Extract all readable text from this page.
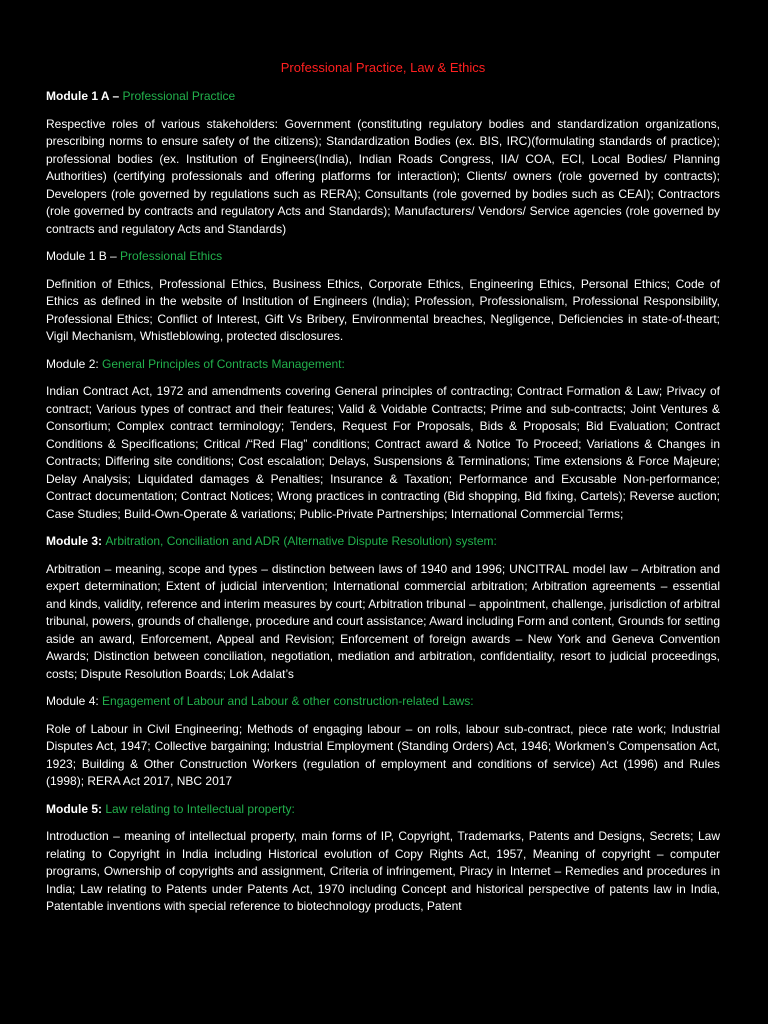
Professional Practice, Law & Ethics
Module 1 A – Professional Practice
Respective roles of various stakeholders: Government (constituting regulatory bodies and standardization organizations, prescribing norms to ensure safety of the citizens); Standardization Bodies (ex. BIS, IRC)(formulating standards of practice); professional bodies (ex. Institution of Engineers(India), Indian Roads Congress, IIA/ COA, ECI, Local Bodies/ Planning Authorities) (certifying professionals and offering platforms for interaction); Clients/ owners (role governed by contracts); Developers (role governed by regulations such as RERA); Consultants (role governed by bodies such as CEAI); Contractors (role governed by contracts and regulatory Acts and Standards); Manufacturers/ Vendors/ Service agencies (role governed by contracts and regulatory Acts and Standards)
Module 1 B – Professional Ethics
Definition of Ethics, Professional Ethics, Business Ethics, Corporate Ethics, Engineering Ethics, Personal Ethics; Code of Ethics as defined in the website of Institution of Engineers (India); Profession, Professionalism, Professional Responsibility, Professional Ethics; Conflict of Interest, Gift Vs Bribery, Environmental breaches, Negligence, Deficiencies in state-of-theart; Vigil Mechanism, Whistleblowing, protected disclosures.
Module 2: General Principles of Contracts Management:
Indian Contract Act, 1972 and amendments covering General principles of contracting; Contract Formation & Law; Privacy of contract; Various types of contract and their features; Valid & Voidable Contracts; Prime and sub-contracts; Joint Ventures & Consortium; Complex contract terminology; Tenders, Request For Proposals, Bids & Proposals; Bid Evaluation; Contract Conditions & Specifications; Critical /“Red Flag” conditions; Contract award & Notice To Proceed; Variations & Changes in Contracts; Differing site conditions; Cost escalation; Delays, Suspensions & Terminations; Time extensions & Force Majeure; Delay Analysis; Liquidated damages & Penalties; Insurance & Taxation; Performance and Excusable Non-performance; Contract documentation; Contract Notices; Wrong practices in contracting (Bid shopping, Bid fixing, Cartels); Reverse auction; Case Studies; Build-Own-Operate & variations; Public-Private Partnerships; International Commercial Terms;
Module 3: Arbitration, Conciliation and ADR (Alternative Dispute Resolution) system:
Arbitration – meaning, scope and types – distinction between laws of 1940 and 1996; UNCITRAL model law – Arbitration and expert determination; Extent of judicial intervention; International commercial arbitration; Arbitration agreements – essential and kinds, validity, reference and interim measures by court; Arbitration tribunal – appointment, challenge, jurisdiction of arbitral tribunal, powers, grounds of challenge, procedure and court assistance; Award including Form and content, Grounds for setting aside an award, Enforcement, Appeal and Revision; Enforcement of foreign awards – New York and Geneva Convention Awards; Distinction between conciliation, negotiation, mediation and arbitration, confidentiality, resort to judicial proceedings, costs; Dispute Resolution Boards; Lok Adalat’s
Module 4: Engagement of Labour and Labour & other construction-related Laws:
Role of Labour in Civil Engineering; Methods of engaging labour – on rolls, labour sub-contract, piece rate work; Industrial Disputes Act, 1947; Collective bargaining; Industrial Employment (Standing Orders) Act, 1946; Workmen’s Compensation Act, 1923; Building & Other Construction Workers (regulation of employment and conditions of service) Act (1996) and Rules (1998); RERA Act 2017, NBC 2017
Module 5: Law relating to Intellectual property:
Introduction – meaning of intellectual property, main forms of IP, Copyright, Trademarks, Patents and Designs, Secrets; Law relating to Copyright in India including Historical evolution of Copy Rights Act, 1957, Meaning of copyright – computer programs, Ownership of copyrights and assignment, Criteria of infringement, Piracy in Internet – Remedies and procedures in India; Law relating to Patents under Patents Act, 1970 including Concept and historical perspective of patents law in India, Patentable inventions with special reference to biotechnology products, Patent
